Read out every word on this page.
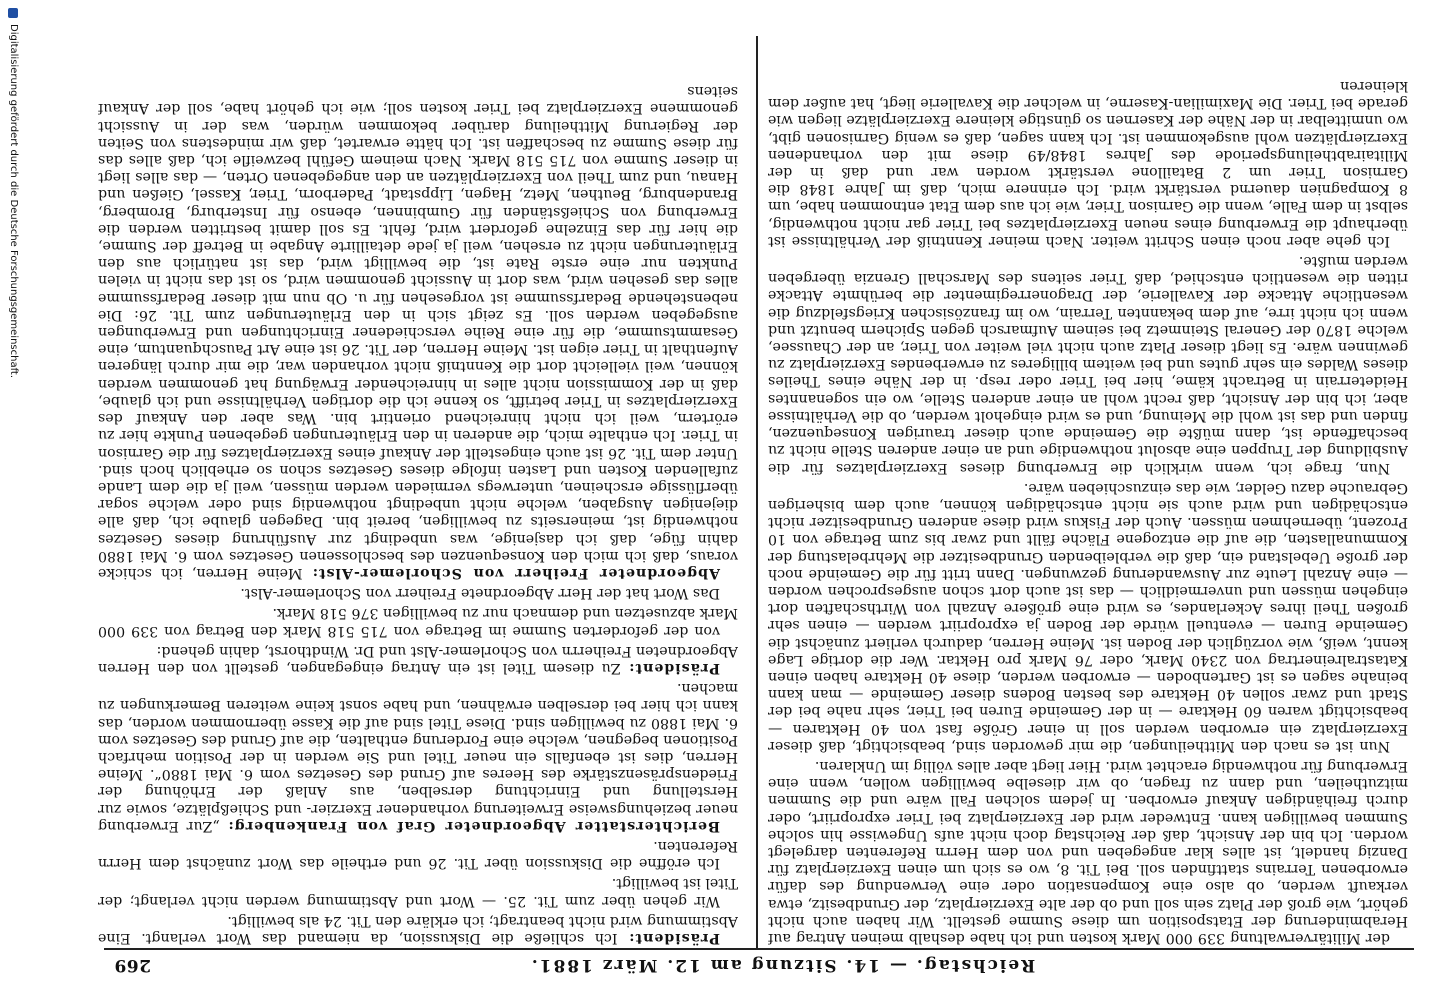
Digitalisierung gefördert durch die Deutsche Forschungsgemeinschaft.
Reichstag. — 14. Sitzung am 12. März 1881.
269

Präsident: Ich schließe die Diskussion, da niemand das Wort verlangt. Eine Abstimmung wird nicht beantragt; ich erkläre den Tit. 24 als bewilligt.

Wir gehen über zum Tit. 25. — Wort und Abstimmung werden nicht verlangt; der Titel ist bewilligt.

Ich eröffne die Diskussion über Tit. 26 und ertheile das Wort zunächst dem Herrn Referenten.

Berichterstatter Abgeordneter Graf von Frankenberg: „Zur Erwerbung neuer beziehungsweise Erweiterung vorhandener Exerzier- und Schießplätze, sowie zur Herstellung und Einrichtung derselben, aus Anlaß der Erhöhung der Friedenspräsenzstärke des Heeres auf Grund des Gesetzes vom 6. Mai 1880“. Meine Herren, dies ist ebenfalls ein neuer Titel und Sie werden in der Position mehrfach Positionen begegnen, welche eine Forderung enthalten, die auf Grund des Gesetzes vom 6. Mai 1880 zu bewilligen sind. Diese Titel sind auf die Kasse übernommen worden, das kann ich hier bei derselben erwähnen, und habe sonst keine weiteren Bemerkungen zu machen.

Präsident: Zu diesem Titel ist ein Antrag eingegangen, gestellt von den Herren Abgeordneten Freiherrn von Schorlemer-Alst und Dr. Windthorst, dahin gehend:

von der geforderten Summe im Betrage von 715 518 Mark den Betrag von 339 000 Mark abzusetzen und demnach nur zu bewilligen 376 518 Mark.

Das Wort hat der Herr Abgeordnete Freiherr von Schorlemer-Alst.

Abgeordneter Freiherr von Schorlemer-Alst: Meine Herren, ich schicke voraus, daß ich mich den Konsequenzen des beschlossenen Gesetzes vom 6. Mai 1880 dahin füge, daß ich dasjenige, was unbedingt zur Ausführung dieses Gesetzes nothwendig ist, meinerseits zu bewilligen, bereit bin. Dagegen glaube ich, daß alle diejenigen Ausgaben, welche nicht unbedingt nothwendig sind oder welche sogar überflüssige erscheinen, unterwegs vermieden werden müssen, weil ja die dem Lande zufallenden Kosten und Lasten infolge dieses Gesetzes schon so erheblich hoch sind. Unter dem Tit. 26 ist auch eingestellt der Ankauf eines Exerzierplatzes für die Garnison in Trier. Ich enthalte mich, die anderen in den Erläuterungen gegebenen Punkte hier zu erörtern, weil ich nicht hinreichend orientirt bin. Was aber den Ankauf des Exerzierplatzes in Trier betrifft, so kenne ich die dortigen Verhältnisse und ich glaube, daß in der Kommission nicht alles in hinreichender Erwägung hat genommen werden können, weil vielleicht dort die Kenntniß nicht vorhanden war, die mir durch längeren Aufenthalt in Trier eigen ist. Meine Herren, der Tit. 26 ist eine Art Pauschquantum, eine Gesammtsumme, die für eine Reihe verschiedener Einrichtungen und Erwerbungen ausgegeben werden soll. Es zeigt sich in den Erläuterungen zum Tit. 26: Die nebenstehende Bedarfssumme ist vorgesehen für u. Ob nun mit dieser Bedarfssumme alles das gesehen wird, was dort in Aussicht genommen wird, so ist das nicht in vielen Punkten nur eine erste Rate ist, die bewilligt wird, das ist natürlich aus den Erläuterungen nicht zu ersehen, weil ja jede detaillirte Angabe in Betreff der Summe, die hier für das Einzelne gefordert wird, fehlt. Es soll damit bestritten werden die Erwerbung von Schießständen für Gumbinnen, ebenso für Insterburg, Bromberg, Brandenburg, Beuthen, Metz, Hagen, Lippstadt, Paderborn, Trier, Kassel, Gießen und Hanau, und zum Theil von Exerzierplätzen an den angegebenen Orten, — das alles liegt in dieser Summe von 715 518 Mark. Nach meinem Gefühl bezweifle ich, daß alles das für diese Summe zu beschaffen ist. Ich hätte erwartet, daß wir mindestens von Seiten der Regierung Mittheilung darüber bekommen würden, was der in Aussicht genommene Exerzierplatz bei Trier kosten soll; wie ich gehört habe, soll der Ankauf seitens

der Militärverwaltung 339 000 Mark kosten und ich habe deshalb meinen Antrag auf Herabminderung der Etatsposition um diese Summe gestellt. Wir haben auch nicht gehört, wie groß der Platz sein soll und ob der alte Exerzierplatz, der Grundbesitz, etwa verkauft werden, ob also eine Kompensation oder eine Verwendung des dafür erworbenen Terrains stattfinden soll. Bei Tit. 8, wo es sich um einen Exerzierplatz für Danzig handelt, ist alles klar angegeben und von dem Herrn Referenten dargelegt worden. Ich bin der Ansicht, daß der Reichstag doch nicht aufs Ungewisse hin solche Summen bewilligen kann. Entweder wird der Exerzierplatz bei Trier expropriirt, oder durch freihändigen Ankauf erworben. In jedem solchen Fall wäre und die Summen mitzutheilen, und dann zu fragen, ob wir dieselbe bewilligen wollen, wenn eine Erwerbung für nothwendig erachtet wird. Hier liegt aber alles völlig im Unklaren.

Nun ist es nach den Mittheilungen, die mir geworden sind, beabsichtigt, daß dieser Exerzierplatz ein erworben werden soll in einer Größe fast von 40 Hektaren — beabsichtigt waren 60 Hektare — in der Gemeinde Euren bei Trier, sehr nahe bei der Stadt und zwar sollen 40 Hektare des besten Bodens dieser Gemeinde — man kann beinahe sagen es ist Gartenboden — erworben werden, diese 40 Hektare haben einen Katastralreinertrag von 2340 Mark, oder 76 Mark pro Hektar. Wer die dortige Lage kennt, weiß, wie vorzüglich der Boden ist. Meine Herren, dadurch verliert zunächst die Gemeinde Euren — eventuell würde der Boden ja expropriirt werden — einen sehr großen Theil ihres Ackerlandes, es wird eine größere Anzahl von Wirthschaften dort eingehen müssen und unvermeidlich — das ist auch dort schon ausgesprochen worden — eine Anzahl Leute zur Auswanderung gezwungen. Dann tritt für die Gemeinde noch der große Uebelstand ein, daß die verbleibenden Grundbesitzer die Mehrbelastung der Kommunallasten, die auf die entzogene Fläche fällt und zwar bis zum Betrage von 10 Prozent, übernehmen müssen. Auch der Fiskus wird diese anderen Grundbesitzer nicht entschädigen und wird auch sie nicht entschädigen können, auch dem bisherigen Gebrauche dazu Gelder, wie das einzuschieben wäre.

Nun, frage ich, wenn wirklich die Erwerbung dieses Exerzierplatzes für die Ausbildung der Truppen eine absolut nothwendige und an einer anderen Stelle nicht zu beschaffende ist, dann müßte die Gemeinde auch dieser traurigen Konsequenzen, finden und das ist wohl die Meinung, und es wird eingeholt werden, ob die Verhältnisse aber, ich bin der Ansicht, daß recht wohl an einer anderen Stelle, wo ein sogenanntes Heideterrain in Betracht käme, hier bei Trier oder resp. in der Nähe eines Theiles dieses Waldes ein sehr gutes und bei weitem billigeres zu erwerbendes Exerzierplatz zu gewinnen wäre. Es liegt dieser Platz auch nicht viel weiter von Trier, an der Chaussee, welche 1870 der General Steinmetz bei seinem Aufmarsch gegen Spichern benutzt und wenn ich nicht irre, auf dem bekannten Terrain, wo im französischen Kriegsfeldzug die wesentliche Attacke der Kavallerie, der Dragonerregimenter die berühmte Attacke ritten die wesentlich entschied, daß Trier seitens des Marschall Grenzia übergeben werden mußte.

Ich gehe aber noch einen Schritt weiter. Nach meiner Kenntniß der Verhältnisse ist überhaupt die Erwerbung eines neuen Exerzierplatzes bei Trier gar nicht nothwendig, selbst in dem Falle, wenn die Garnison Trier, wie ich aus dem Etat entnommen habe, um 8 Kompagnien dauernd verstärkt wird. Ich erinnere mich, daß im Jahre 1848 die Garnison Trier um 2 Bataillone verstärkt worden war und daß in der Militairabtheilungsperiode des Jahres 1848/49 diese mit den vorhandenen Exerzierplätzen wohl ausgekommen ist. Ich kann sagen, daß es wenig Garnisonen gibt, wo unmittelbar in der Nähe der Kasernen so günstige kleinere Exerzierplätze liegen wie gerade bei Trier. Die Maximilian-Kaserne, in welcher die Kavallerie liegt, hat außer dem kleineren
